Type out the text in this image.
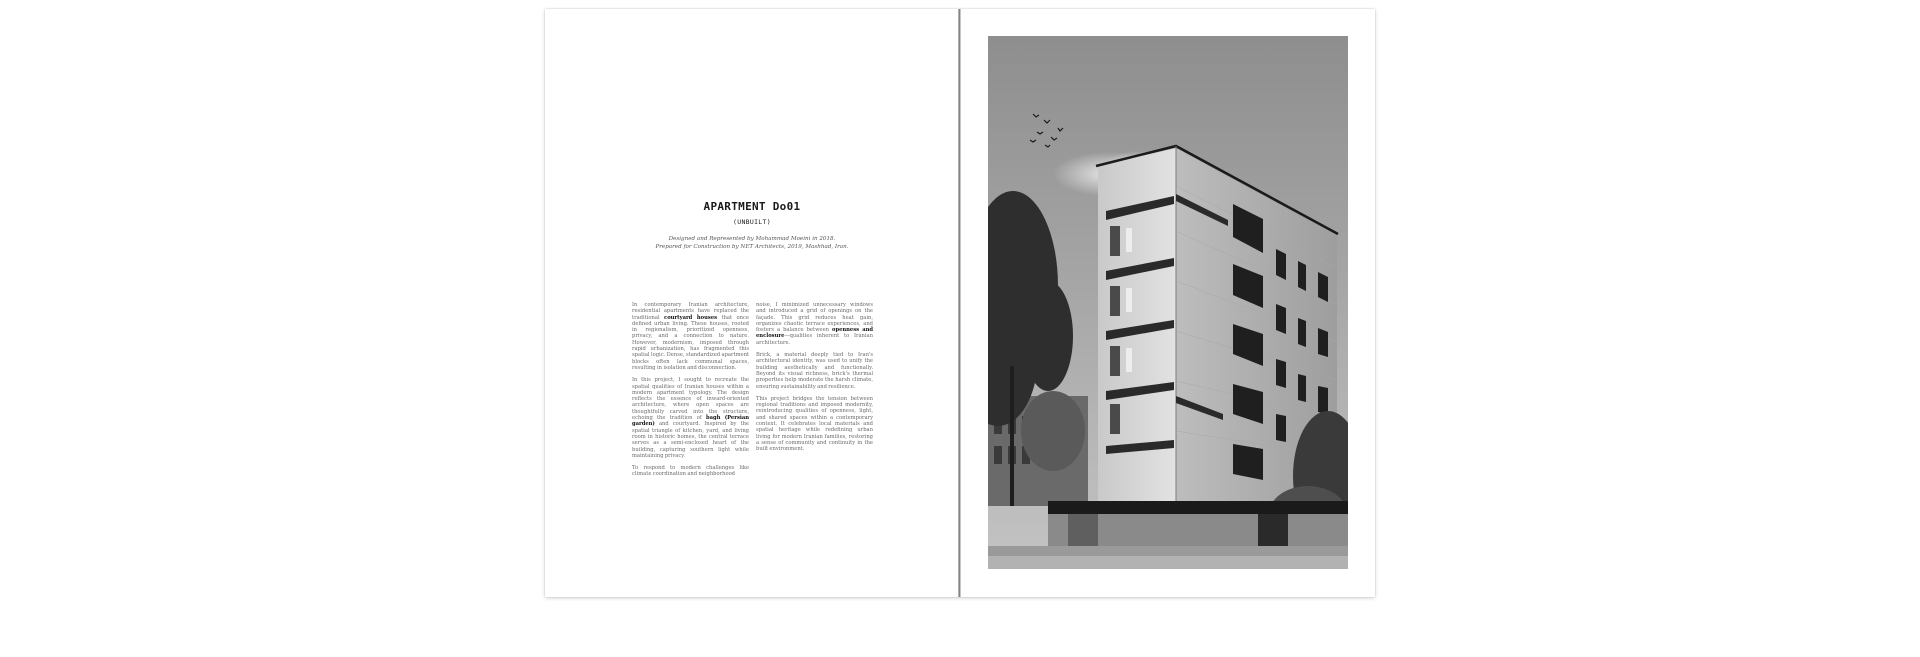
APARTMENT Do01
(UNBUILT)
Designed and Represented by Mohammad Moeini in 2018.
Prepared for Construction by NET Architects, 2019, Mashhad, Iran.

In contemporary Iranian architecture, residential apartments have replaced the traditional courtyard houses that once defined urban living. These houses, rooted in regionalism, prioritized openness, privacy, and a connection to nature. However, modernism, imposed through rapid urbanization, has fragmented this spatial logic. Dense, standardized apartment blocks often lack communal spaces, resulting in isolation and disconnection.

In this project, I sought to recreate the spatial qualities of Iranian houses within a modern apartment typology. The design reflects the essence of inward-oriented architecture, where open spaces are thoughtfully carved into the structure, echoing the tradition of bagh (Persian garden) and courtyard. Inspired by the spatial triangle of kitchen, yard, and living room in historic homes, the central terrace serves as a semi-enclosed heart of the building, capturing southern light while maintaining privacy.

To respond to modern challenges like climate coordination and neighborhood

noise, I minimized unnecessary windows and introduced a grid of openings on the façade. This grid reduces heat gain, organizes chaotic terrace experiences, and fosters a balance between openness and enclosure—qualities inherent to Iranian architecture.

Brick, a material deeply tied to Iran's architectural identity, was used to unify the building aesthetically and functionally. Beyond its visual richness, brick's thermal properties help moderate the harsh climate, ensuring sustainability and resilience.

This project bridges the tension between regional traditions and imposed modernity, reintroducing qualities of openness, light, and shared spaces within a contemporary context. It celebrates local materials and spatial heritage while redefining urban living for modern Iranian families, restoring a sense of community and continuity in the built environment.
